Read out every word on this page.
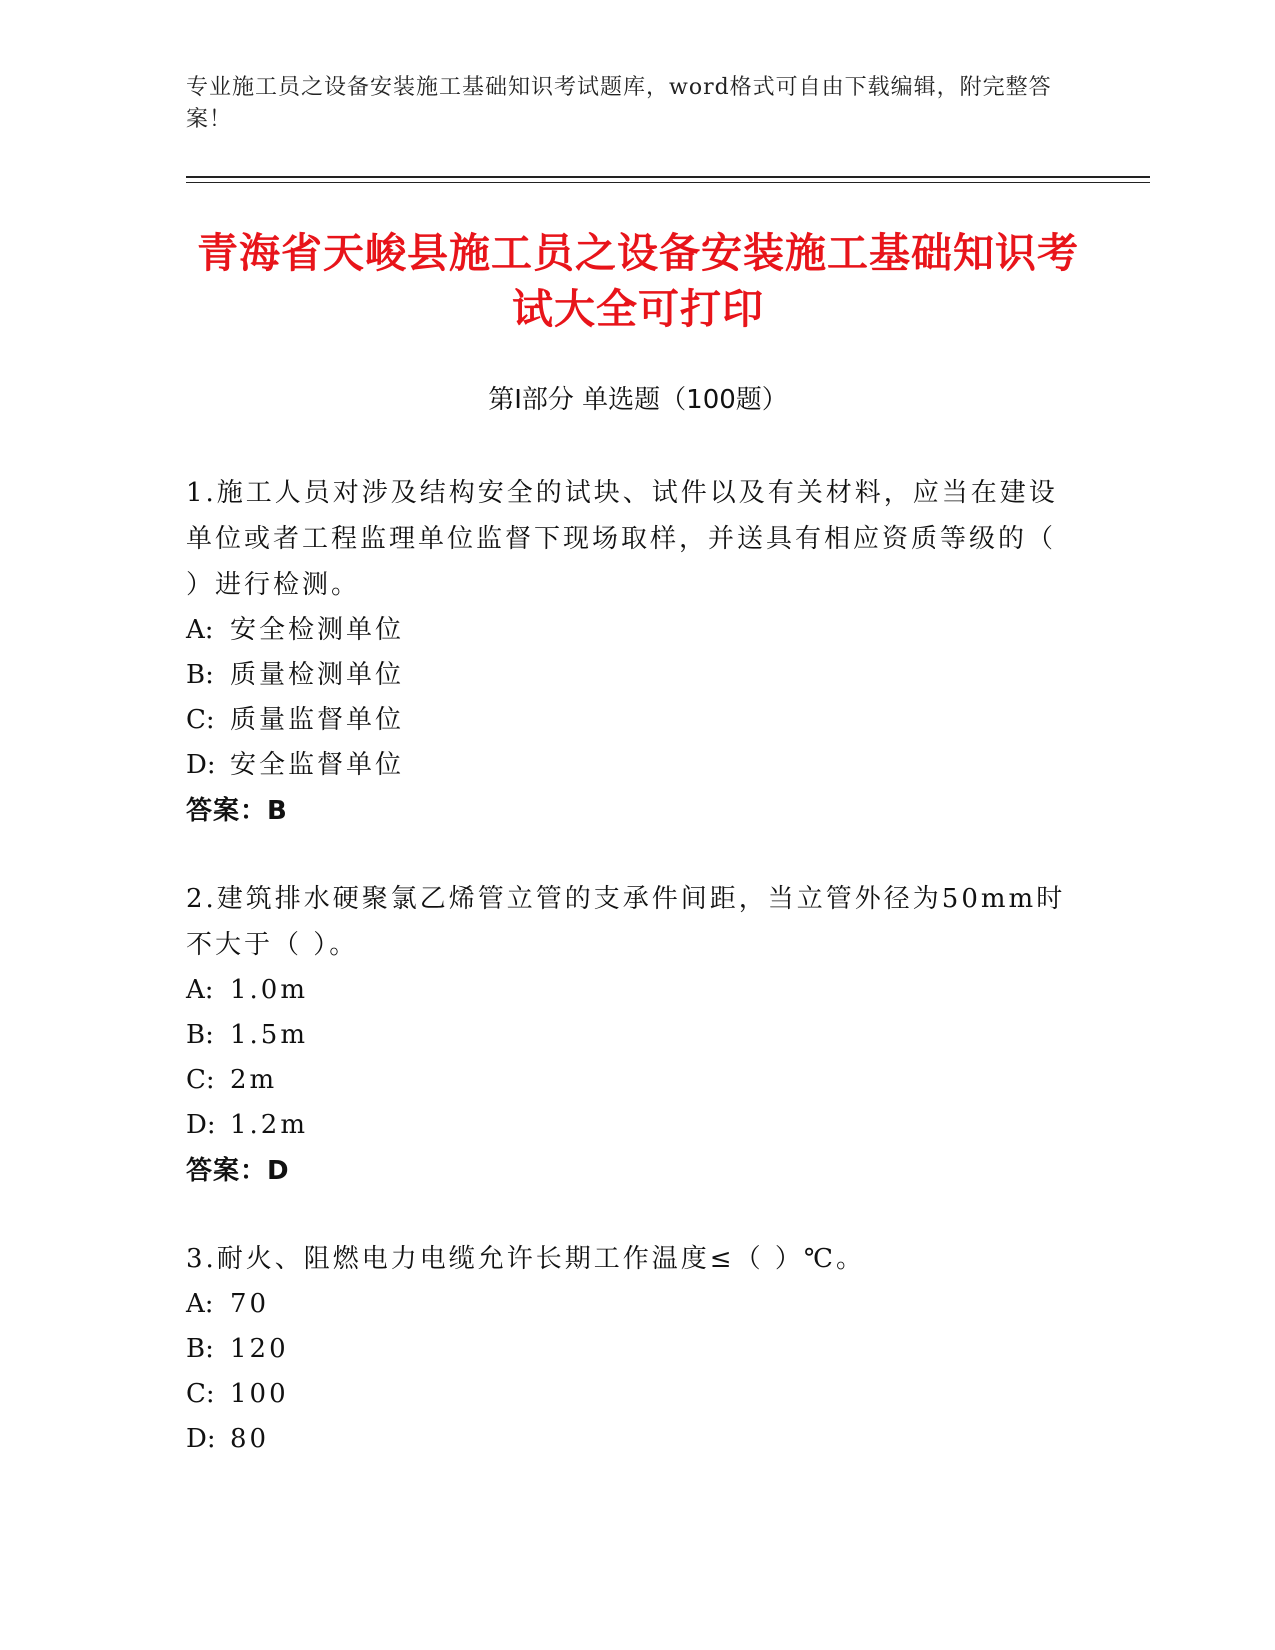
专业施工员之设备安装施工基础知识考试题库，word格式可自由下载编辑，附完整答案！
青海省天峻县施工员之设备安装施工基础知识考试大全可打印
第I部分 单选题（100题）
1.施工人员对涉及结构安全的试块、试件以及有关材料，应当在建设单位或者工程监理单位监督下现场取样，并送具有相应资质等级的（ ）进行检测。
A: 安全检测单位
B: 质量检测单位
C: 质量监督单位
D: 安全监督单位
答案：B
2.建筑排水硬聚氯乙烯管立管的支承件间距，当立管外径为50mm时不大于（ ）。
A: 1.0m
B: 1.5m
C: 2m
D: 1.2m
答案：D
3.耐火、阻燃电力电缆允许长期工作温度≤（ ）℃。
A: 70
B: 120
C: 100
D: 80
